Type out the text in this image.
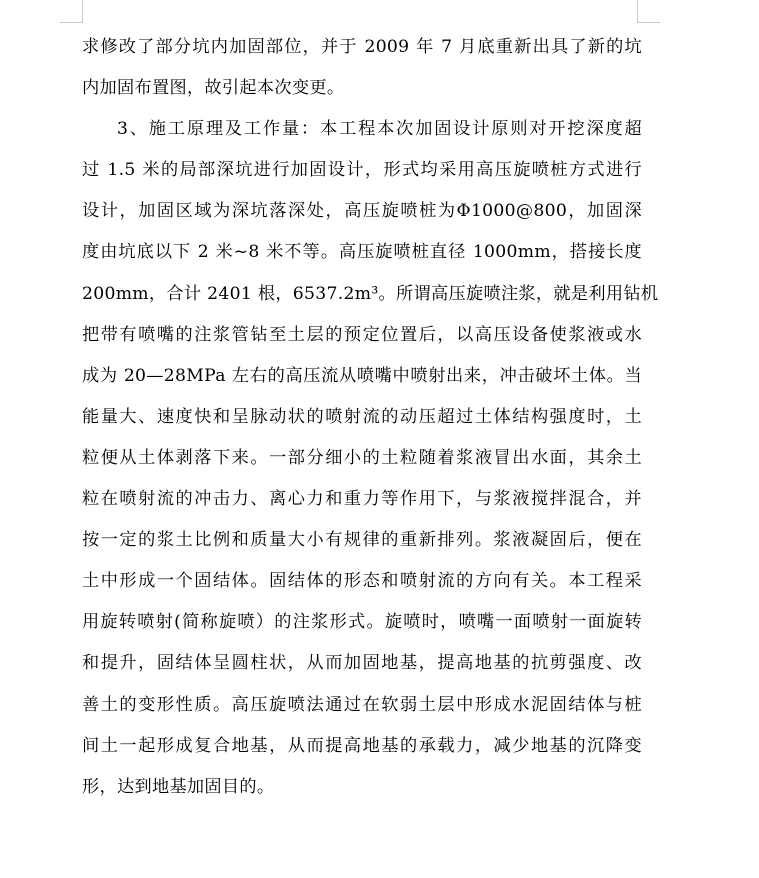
求修改了部分坑内加固部位，并于 2009 年 7 月底重新出具了新的坑
内加固布置图，故引起本次变更。
3、施工原理及工作量：本工程本次加固设计原则对开挖深度超
过 1.5 米的局部深坑进行加固设计，形式均采用高压旋喷桩方式进行
设计，加固区域为深坑落深处，高压旋喷桩为Φ1000@800，加固深
度由坑底以下 2 米~8 米不等。高压旋喷桩直径 1000mm，搭接长度
200mm，合计 2401 根，6537.2m³。所谓高压旋喷注浆，就是利用钻机
把带有喷嘴的注浆管钻至土层的预定位置后，以高压设备使浆液或水
成为 20—28MPa 左右的高压流从喷嘴中喷射出来，冲击破坏土体。当
能量大、速度快和呈脉动状的喷射流的动压超过土体结构强度时，土
粒便从土体剥落下来。一部分细小的土粒随着浆液冒出水面，其余土
粒在喷射流的冲击力、离心力和重力等作用下，与浆液搅拌混合，并
按一定的浆土比例和质量大小有规律的重新排列。浆液凝固后，便在
土中形成一个固结体。固结体的形态和喷射流的方向有关。本工程采
用旋转喷射(简称旋喷）的注浆形式。旋喷时，喷嘴一面喷射一面旋转
和提升，固结体呈圆柱状，从而加固地基，提高地基的抗剪强度、改
善土的变形性质。高压旋喷法通过在软弱土层中形成水泥固结体与桩
间土一起形成复合地基，从而提高地基的承载力，减少地基的沉降变
形，达到地基加固目的。
